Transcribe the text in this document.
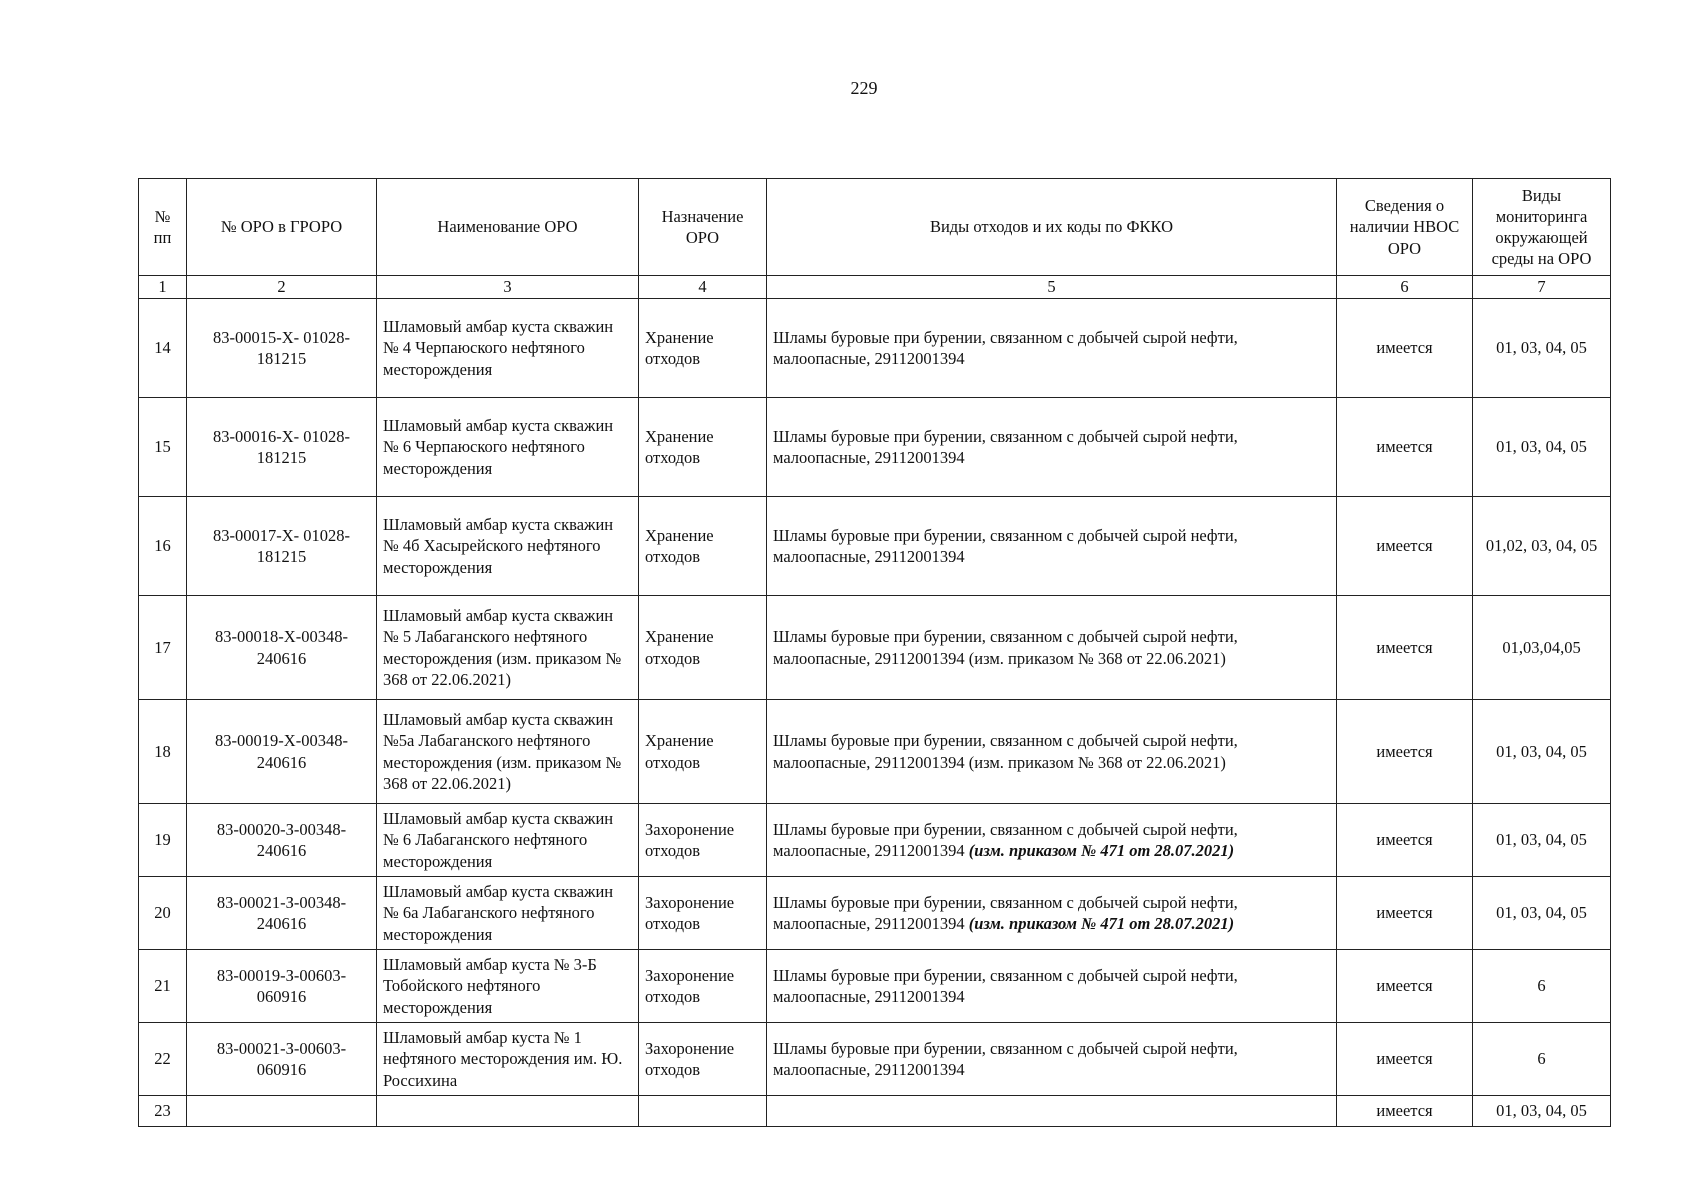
229
№ пп	№ ОРО в ГРОРО	Наименование ОРО	Назначение ОРО	Виды отходов и их коды по ФККО	Сведения о наличии НВОС ОРО	Виды мониторинга окружающей среды на ОРО
1	2	3	4	5	6	7
14	83-00015-Х- 01028-181215	Шламовый амбар куста скважин № 4 Черпаюского нефтяного месторождения	Хранение отходов	Шламы буровые при бурении, связанном с добычей сырой нефти, малоопасные, 29112001394	имеется	01, 03, 04, 05
15	83-00016-Х- 01028-181215	Шламовый амбар куста скважин № 6 Черпаюского нефтяного месторождения	Хранение отходов	Шламы буровые при бурении, связанном с добычей сырой нефти, малоопасные, 29112001394	имеется	01, 03, 04, 05
16	83-00017-Х- 01028-181215	Шламовый амбар куста скважин № 4б Хасырейского нефтяного месторождения	Хранение отходов	Шламы буровые при бурении, связанном с добычей сырой нефти, малоопасные, 29112001394	имеется	01,02, 03, 04, 05
17	83-00018-Х-00348-240616	Шламовый амбар куста скважин № 5 Лабаганского нефтяного месторождения (изм. приказом № 368 от 22.06.2021)	Хранение отходов	Шламы буровые при бурении, связанном с добычей сырой нефти, малоопасные, 29112001394 (изм. приказом № 368 от 22.06.2021)	имеется	01,03,04,05
18	83-00019-Х-00348-240616	Шламовый амбар куста скважин №5а Лабаганского нефтяного месторождения (изм. приказом № 368 от 22.06.2021)	Хранение отходов	Шламы буровые при бурении, связанном с добычей сырой нефти, малоопасные, 29112001394 (изм. приказом № 368 от 22.06.2021)	имеется	01, 03, 04, 05
19	83-00020-З-00348-240616	Шламовый амбар куста скважин № 6 Лабаганского нефтяного месторождения	Захоронение отходов	Шламы буровые при бурении, связанном с добычей сырой нефти, малоопасные, 29112001394 (изм. приказом № 471 от 28.07.2021)	имеется	01, 03, 04, 05
20	83-00021-З-00348-240616	Шламовый амбар куста скважин № 6а Лабаганского нефтяного месторождения	Захоронение отходов	Шламы буровые при бурении, связанном с добычей сырой нефти, малоопасные, 29112001394 (изм. приказом № 471 от 28.07.2021)	имеется	01, 03, 04, 05
21	83-00019-З-00603-060916	Шламовый амбар куста № 3-Б Тобойского нефтяного месторождения	Захоронение отходов	Шламы буровые при бурении, связанном с добычей сырой нефти, малоопасные, 29112001394	имеется	6
22	83-00021-З-00603-060916	Шламовый амбар куста № 1 нефтяного месторождения им. Ю. Россихина	Захоронение отходов	Шламы буровые при бурении, связанном с добычей сырой нефти, малоопасные, 29112001394	имеется	6
23					имеется	01, 03, 04, 05
